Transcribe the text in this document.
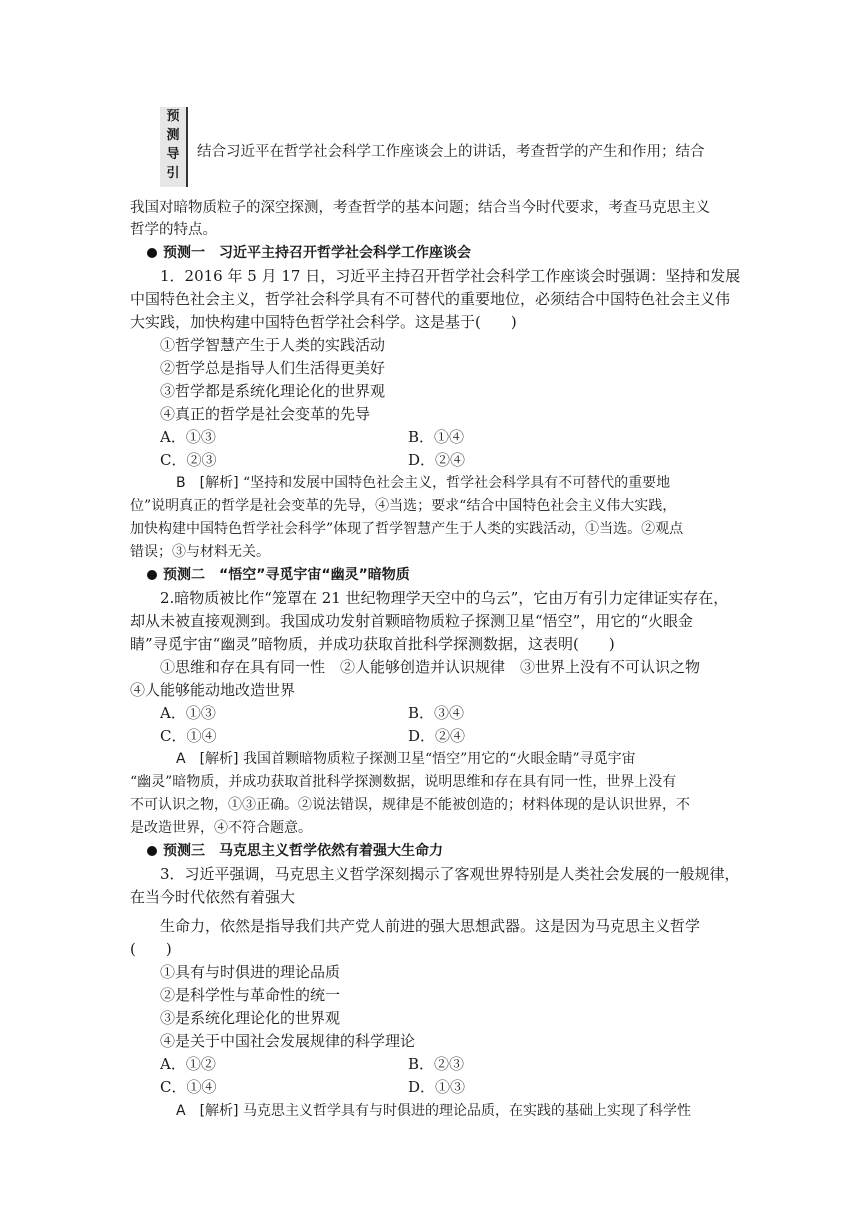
预
测
导
引
结合习近平在哲学社会科学工作座谈会上的讲话，考查哲学的产生和作用；结合
我国对暗物质粒子的深空探测，考查哲学的基本问题；结合当今时代要求，考查马克思主义
哲学的特点。
预测一　习近平主持召开哲学社会科学工作座谈会
1．2016 年 5 月 17 日，习近平主持召开哲学社会科学工作座谈会时强调：坚持和发展
中国特色社会主义，哲学社会科学具有不可替代的重要地位，必须结合中国特色社会主义伟
大实践，加快构建中国特色哲学社会科学。这是基于(　　)
①哲学智慧产生于人类的实践活动
②哲学总是指导人们生活得更美好
③哲学都是系统化理论化的世界观
④真正的哲学是社会变革的先导
A．①③	B．①④
C．②③	D．②④
B　 [解析] “坚持和发展中国特色社会主义，哲学社会科学具有不可替代的重要地
位”说明真正的哲学是社会变革的先导，④当选；要求“结合中国特色社会主义伟大实践，
加快构建中国特色哲学社会科学”体现了哲学智慧产生于人类的实践活动，①当选。②观点
错误；③与材料无关。
预测二　“悟空”寻觅宇宙“幽灵”暗物质
2.暗物质被比作“笼罩在 21 世纪物理学天空中的乌云”，它由万有引力定律证实存在，
却从未被直接观测到。我国成功发射首颗暗物质粒子探测卫星“悟空”，用它的“火眼金
睛”寻觅宇宙“幽灵”暗物质，并成功获取首批科学探测数据，这表明(　　)
①思维和存在具有同一性　②人能够创造并认识规律　③世界上没有不可认识之物
④人能够能动地改造世界
A．①③	B．③④
C．①④	D．②④
A　 [解析] 我国首颗暗物质粒子探测卫星“悟空”用它的“火眼金睛”寻觅宇宙
“幽灵”暗物质，并成功获取首批科学探测数据，说明思维和存在具有同一性，世界上没有
不可认识之物，①③正确。②说法错误，规律是不能被创造的；材料体现的是认识世界，不
是改造世界，④不符合题意。
预测三　马克思主义哲学依然有着强大生命力
3．习近平强调，马克思主义哲学深刻揭示了客观世界特别是人类社会发展的一般规律，
在当今时代依然有着强大
生命力，依然是指导我们共产党人前进的强大思想武器。这是因为马克思主义哲学
(　　)
①具有与时俱进的理论品质
②是科学性与革命性的统一
③是系统化理论化的世界观
④是关于中国社会发展规律的科学理论
A．①②	B．②③
C．①④	D．①③
A　 [解析] 马克思主义哲学具有与时俱进的理论品质，在实践的基础上实现了科学性
